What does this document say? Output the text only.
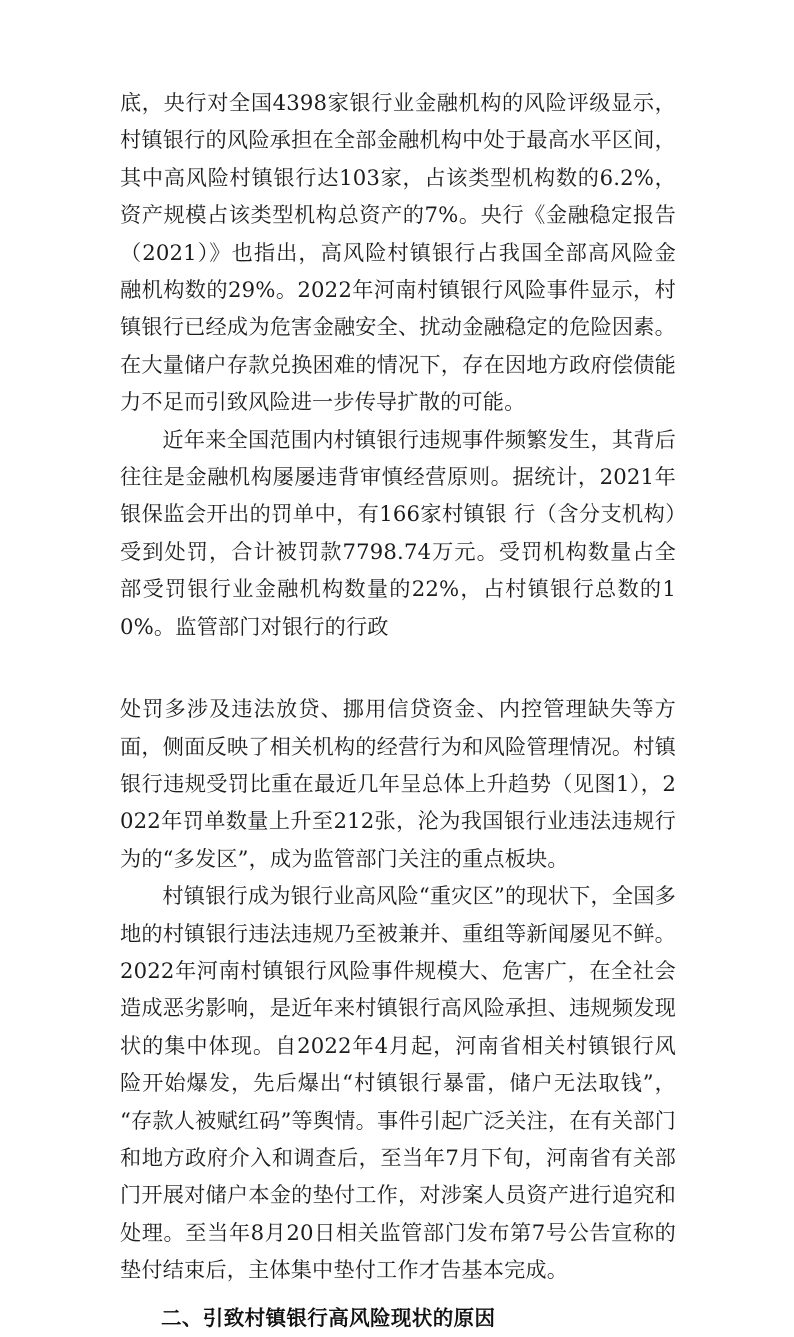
底，央行对全国4398家银行业金融机构的风险评级显示，村镇银行的风险承担在全部金融机构中处于最高水平区间，其中高风险村镇银行达103家，占该类型机构数的6.2%，资产规模占该类型机构总资产的7%。央行《金融稳定报告（2021）》也指出，高风险村镇银行占我国全部高风险金融机构数的29%。2022年河南村镇银行风险事件显示，村镇银行已经成为危害金融安全、扰动金融稳定的危险因素。在大量储户存款兑换困难的情况下，存在因地方政府偿债能力不足而引致风险进一步传导扩散的可能。

近年来全国范围内村镇银行违规事件频繁发生，其背后往往是金融机构屡屡违背审慎经营原则。据统计，2021年银保监会开出的罚单中，有166家村镇银 行（含分支机构）受到处罚，合计被罚款7798.74万元。受罚机构数量占全部受罚银行业金融机构数量的22%，占村镇银行总数的10%。监管部门对银行的行政

处罚多涉及违法放贷、挪用信贷资金、内控管理缺失等方面，侧面反映了相关机构的经营行为和风险管理情况。村镇银行违规受罚比重在最近几年呈总体上升趋势（见图1），2022年罚单数量上升至212张，沦为我国银行业违法违规行为的“多发区”，成为监管部门关注的重点板块。

村镇银行成为银行业高风险“重灾区”的现状下，全国多地的村镇银行违法违规乃至被兼并、重组等新闻屡见不鲜。2022年河南村镇银行风险事件规模大、危害广，在全社会造成恶劣影响，是近年来村镇银行高风险承担、违规频发现状的集中体现。自2022年4月起，河南省相关村镇银行风险开始爆发，先后爆出“村镇银行暴雷，储户无法取钱”，“存款人被赋红码”等舆情。事件引起广泛关注，在有关部门和地方政府介入和调查后，至当年7月下旬，河南省有关部门开展对储户本金的垫付工作，对涉案人员资产进行追究和处理。至当年8月20日相关监管部门发布第7号公告宣称的垫付结束后，主体集中垫付工作才告基本完成。

二、引致村镇银行高风险现状的原因
